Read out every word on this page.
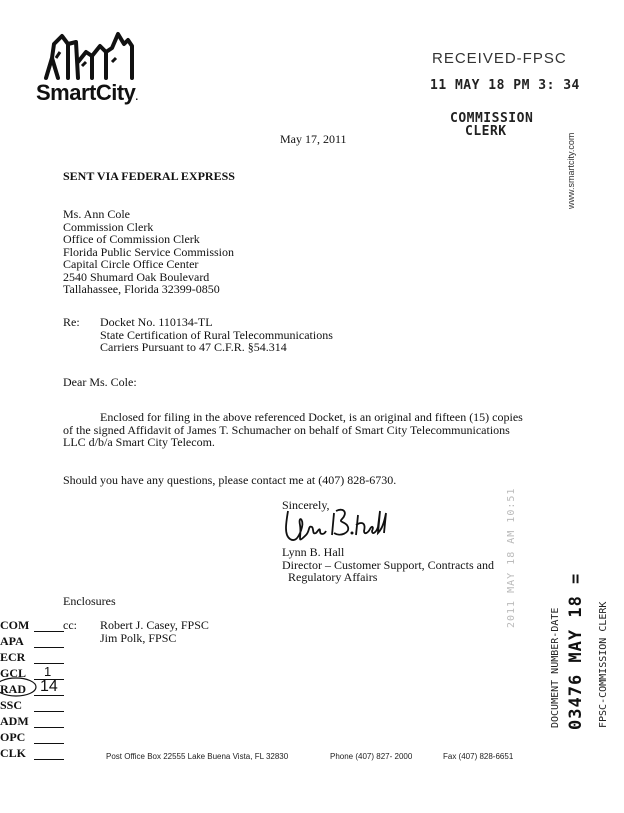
SmartCity.
RECEIVED-FPSC
11 MAY 18 PM 3: 34
COMMISSION
CLERK
www.smartcity.com
May 17, 2011
SENT VIA FEDERAL EXPRESS
Ms. Ann Cole
Commission Clerk
Office of Commission Clerk
Florida Public Service Commission
Capital Circle Office Center
2540 Shumard Oak Boulevard
Tallahassee, Florida 32399-0850
Re: Docket No. 110134-TL
State Certification of Rural Telecommunications
Carriers Pursuant to 47 C.F.R. §54.314
Dear Ms. Cole:
Enclosed for filing in the above referenced Docket, is an original and fifteen (15) copies
of the signed Affidavit of James T. Schumacher on behalf of Smart City Telecommunications
LLC d/b/a Smart City Telecom.
Should you have any questions, please contact me at (407) 828-6730.
Sincerely,
Lynn B. Hall
Director – Customer Support, Contracts and
Regulatory Affairs
Enclosures
cc: Robert J. Casey, FPSC
Jim Polk, FPSC
COM
APA
ECR
GCL 1
RAD 14
SSC
ADM
OPC
CLK	Post Office Box 22555 Lake Buena Vista, FL 32830	Phone (407) 827- 2000	Fax (407) 828-6651
2011 MAY 18 AM 10:51
DOCUMENT NUMBER-DATE 03476 MAY 18 = FPSC-COMMISSION CLERK
